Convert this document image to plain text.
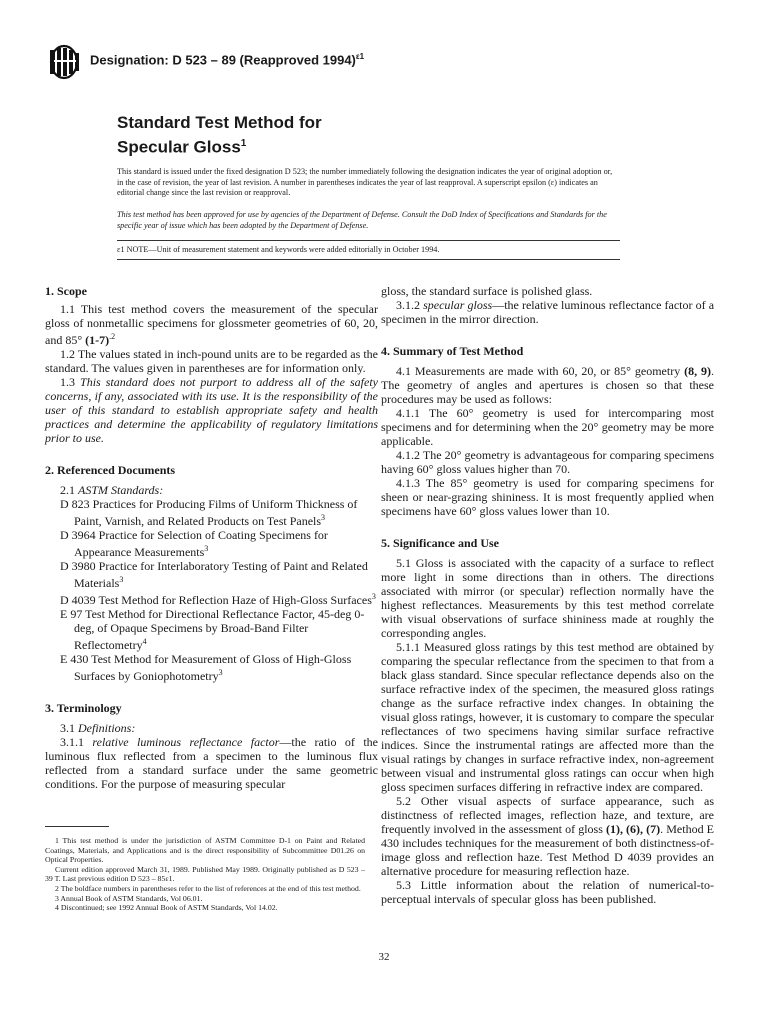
Designation: D 523 – 89 (Reapproved 1994)$^{\varepsilon 1}$
Standard Test Method for
Specular Gloss$^1$
This standard is issued under the fixed designation D 523; the number immediately following the designation indicates the year of original adoption or, in the case of revision, the year of last revision. A number in parentheses indicates the year of last reapproval. A superscript epsilon (ε) indicates an editorial change since the last revision or reapproval.
This test method has been approved for use by agencies of the Department of Defense. Consult the DoD Index of Specifications and Standards for the specific year of issue which has been adopted by the Department of Defense.
ε1 NOTE—Unit of measurement statement and keywords were added editorially in October 1994.
1. Scope

1.1 This test method covers the measurement of the specular gloss of nonmetallic specimens for glossmeter geometries of 60, 20, and 85° $(1-7)^{.2}$

1.2 The values stated in inch-pound units are to be regarded as the standard. The values given in parentheses are for information only.

1.3 This standard does not purport to address all of the safety concerns, if any, associated with its use. It is the responsibility of the user of this standard to establish appropriate safety and health practices and determine the applicability of regulatory limitations prior to use.

2. Referenced Documents

2.1 ASTM Standards:

D 823 Practices for Producing Films of Uniform Thickness of Paint, Varnish, and Related Products on Test Panels$^3$

D 3964 Practice for Selection of Coating Specimens for Appearance Measurements$^3$

D 3980 Practice for Interlaboratory Testing of Paint and Related Materials$^3$

D 4039 Test Method for Reflection Haze of High-Gloss Surfaces$^3$

E 97 Test Method for Directional Reflectance Factor, 45-deg 0-deg, of Opaque Specimens by Broad-Band Filter Reflectometry$^4$

E 430 Test Method for Measurement of Gloss of High-Gloss Surfaces by Goniophotometry$^3$

3. Terminology

3.1 Definitions:

3.1.1 relative luminous reflectance factor—the ratio of the luminous flux reflected from a specimen to the luminous flux reflected from a standard surface under the same geometric conditions. For the purpose of measuring specular

gloss, the standard surface is polished glass.

3.1.2 specular gloss—the relative luminous reflectance factor of a specimen in the mirror direction.

4. Summary of Test Method

4.1 Measurements are made with 60, 20, or 85° geometry (8, 9). The geometry of angles and apertures is chosen so that these procedures may be used as follows:

4.1.1 The 60° geometry is used for intercomparing most specimens and for determining when the 20° geometry may be more applicable.

4.1.2 The 20° geometry is advantageous for comparing specimens having 60° gloss values higher than 70.

4.1.3 The 85° geometry is used for comparing specimens for sheen or near-grazing shininess. It is most frequently applied when specimens have 60° gloss values lower than 10.

5. Significance and Use

5.1 Gloss is associated with the capacity of a surface to reflect more light in some directions than in others. The directions associated with mirror (or specular) reflection normally have the highest reflectances. Measurements by this test method correlate with visual observations of surface shininess made at roughly the corresponding angles.

5.1.1 Measured gloss ratings by this test method are obtained by comparing the specular reflectance from the specimen to that from a black glass standard. Since specular reflectance depends also on the surface refractive index of the specimen, the measured gloss ratings change as the surface refractive index changes. In obtaining the visual gloss ratings, however, it is customary to compare the specular reflectances of two specimens having similar surface refractive indices. Since the instrumental ratings are affected more than the visual ratings by changes in surface refractive index, non-agreement between visual and instrumental gloss ratings can occur when high gloss specimen surfaces differing in refractive index are compared.

5.2 Other visual aspects of surface appearance, such as distinctness of reflected images, reflection haze, and texture, are frequently involved in the assessment of gloss (1), (6), (7). Method E 430 includes techniques for the measurement of both distinctness-of-image gloss and reflection haze. Test Method D 4039 provides an alternative procedure for measuring reflection haze.

5.3 Little information about the relation of numerical-to-perceptual intervals of specular gloss has been published.

1 This test method is under the jurisdiction of ASTM Committee D-1 on Paint and Related Coatings, Materials, and Applications and is the direct responsibility of Subcommittee D01.26 on Optical Properties.

Current edition approved March 31, 1989. Published May 1989. Originally published as D 523 – 39 T. Last previous edition D 523 – 85ε1.

2 The boldface numbers in parentheses refer to the list of references at the end of this test method.

3 Annual Book of ASTM Standards, Vol 06.01.

4 Discontinued; see 1992 Annual Book of ASTM Standards, Vol 14.02.

32
